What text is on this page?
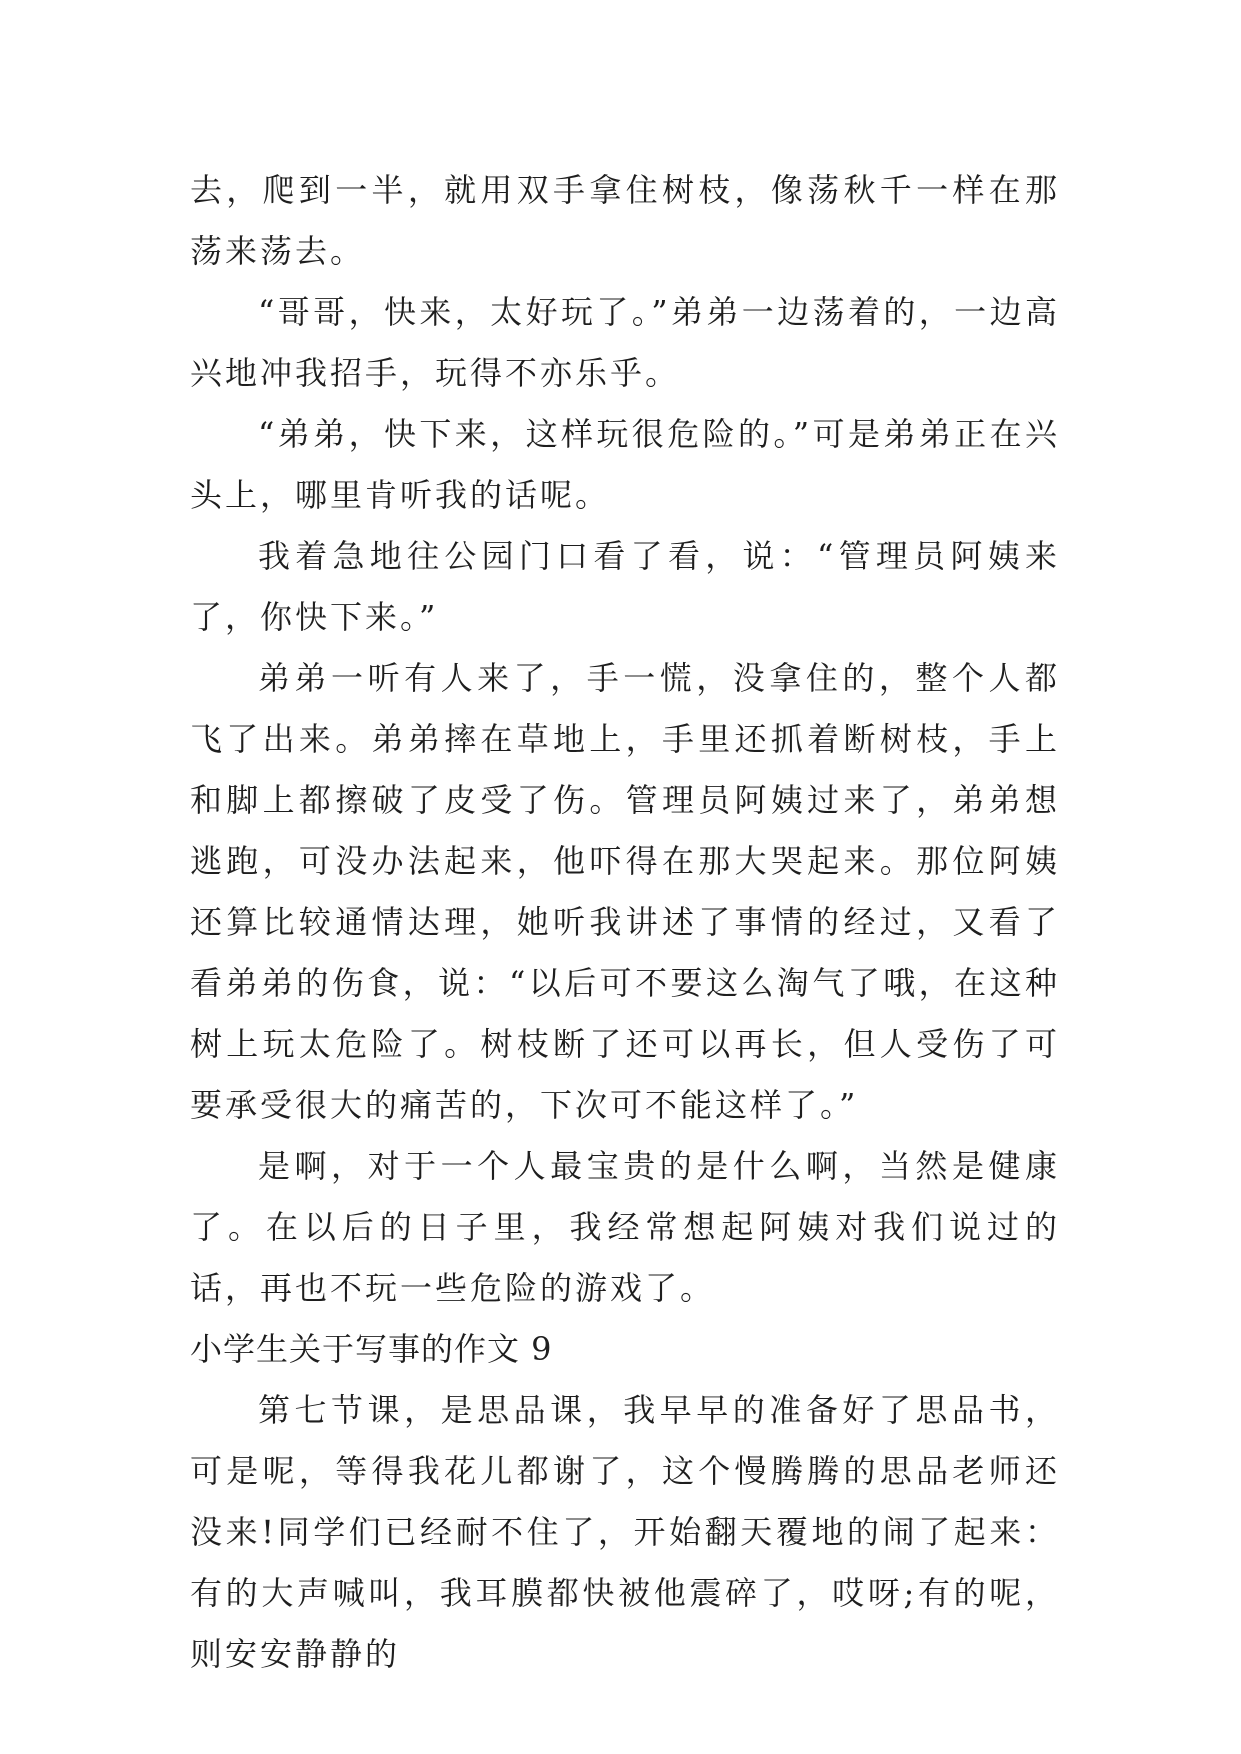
去，爬到一半，就用双手拿住树枝，像荡秋千一样在那荡来荡去。

“哥哥，快来，太好玩了。”弟弟一边荡着的，一边高兴地冲我招手，玩得不亦乐乎。

“弟弟，快下来，这样玩很危险的。”可是弟弟正在兴头上，哪里肯听我的话呢。

我着急地往公园门口看了看，说：“管理员阿姨来了，你快下来。”

弟弟一听有人来了，手一慌，没拿住的，整个人都飞了出来。弟弟摔在草地上，手里还抓着断树枝，手上和脚上都擦破了皮受了伤。管理员阿姨过来了，弟弟想逃跑，可没办法起来，他吓得在那大哭起来。那位阿姨还算比较通情达理，她听我讲述了事情的经过，又看了看弟弟的伤食，说：“以后可不要这么淘气了哦，在这种树上玩太危险了。树枝断了还可以再长，但人受伤了可要承受很大的痛苦的，下次可不能这样了。”

是啊，对于一个人最宝贵的是什么啊，当然是健康了。在以后的日子里，我经常想起阿姨对我们说过的话，再也不玩一些危险的游戏了。

小学生关于写事的作文 9

第七节课，是思品课，我早早的准备好了思品书，可是呢，等得我花儿都谢了，这个慢腾腾的思品老师还没来!同学们已经耐不住了，开始翻天覆地的闹了起来：有的大声喊叫，我耳膜都快被他震碎了，哎呀;有的呢，则安安静静的
